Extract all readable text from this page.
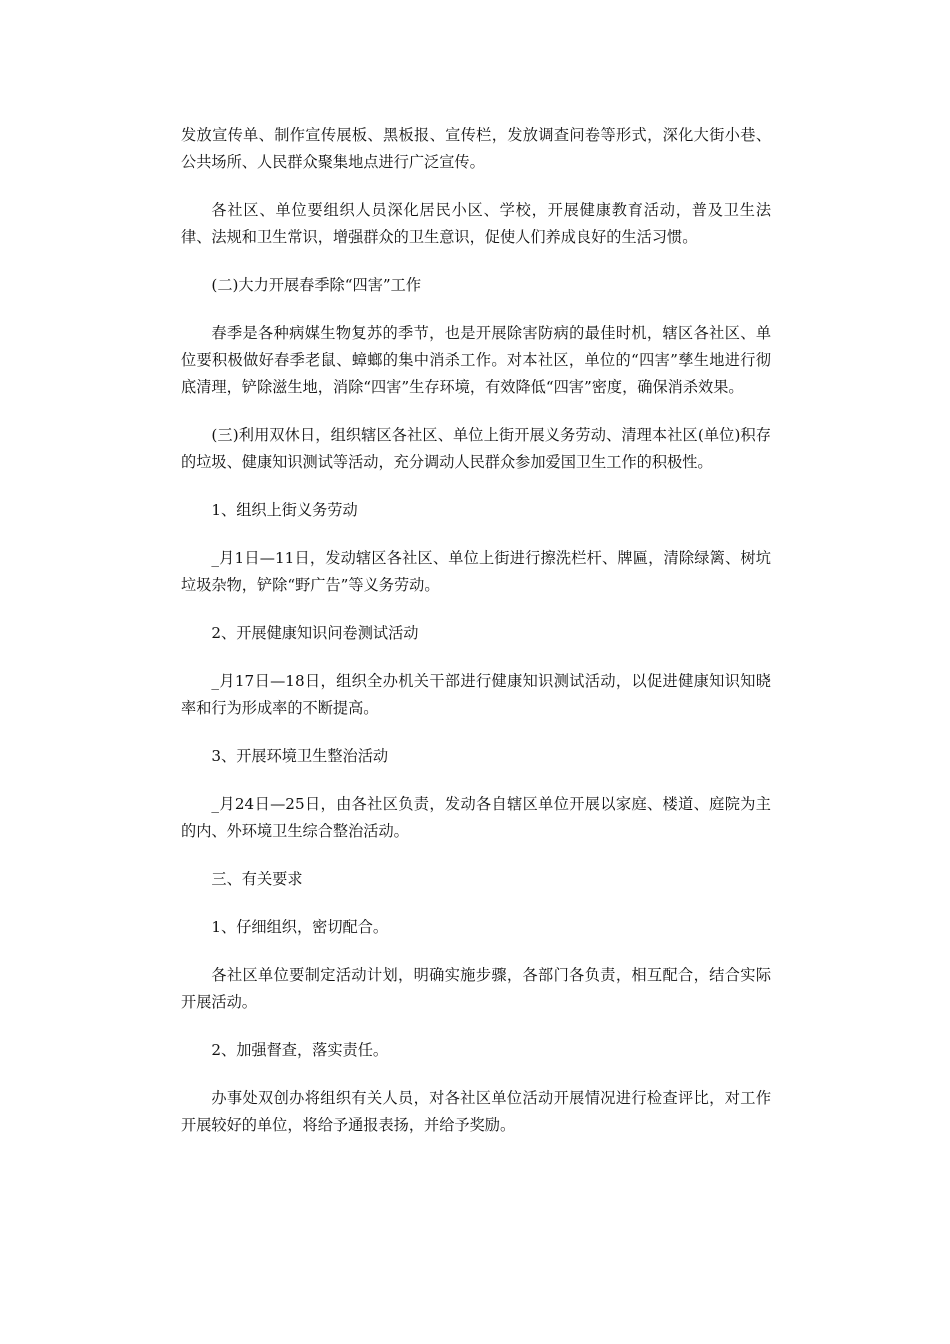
发放宣传单、制作宣传展板、黑板报、宣传栏，发放调查问卷等形式，深化大街小巷、公共场所、人民群众聚集地点进行广泛宣传。

各社区、单位要组织人员深化居民小区、学校，开展健康教育活动，普及卫生法律、法规和卫生常识，增强群众的卫生意识，促使人们养成良好的生活习惯。

(二)大力开展春季除“四害”工作

春季是各种病媒生物复苏的季节，也是开展除害防病的最佳时机，辖区各社区、单位要积极做好春季老鼠、蟑螂的集中消杀工作。对本社区，单位的“四害”孳生地进行彻底清理，铲除滋生地，消除“四害”生存环境，有效降低“四害”密度，确保消杀效果。

(三)利用双休日，组织辖区各社区、单位上街开展义务劳动、清理本社区(单位)积存的垃圾、健康知识测试等活动，充分调动人民群众参加爱国卫生工作的积极性。

1、组织上街义务劳动

_月1日—11日，发动辖区各社区、单位上街进行擦洗栏杆、牌匾，清除绿篱、树坑垃圾杂物，铲除“野广告”等义务劳动。

2、开展健康知识问卷测试活动

_月17日—18日，组织全办机关干部进行健康知识测试活动，以促进健康知识知晓率和行为形成率的不断提高。

3、开展环境卫生整治活动

_月24日—25日，由各社区负责，发动各自辖区单位开展以家庭、楼道、庭院为主的内、外环境卫生综合整治活动。

三、有关要求

1、仔细组织，密切配合。

各社区单位要制定活动计划，明确实施步骤，各部门各负责，相互配合，结合实际开展活动。

2、加强督查，落实责任。

办事处双创办将组织有关人员，对各社区单位活动开展情况进行检查评比，对工作开展较好的单位，将给予通报表扬，并给予奖励。
